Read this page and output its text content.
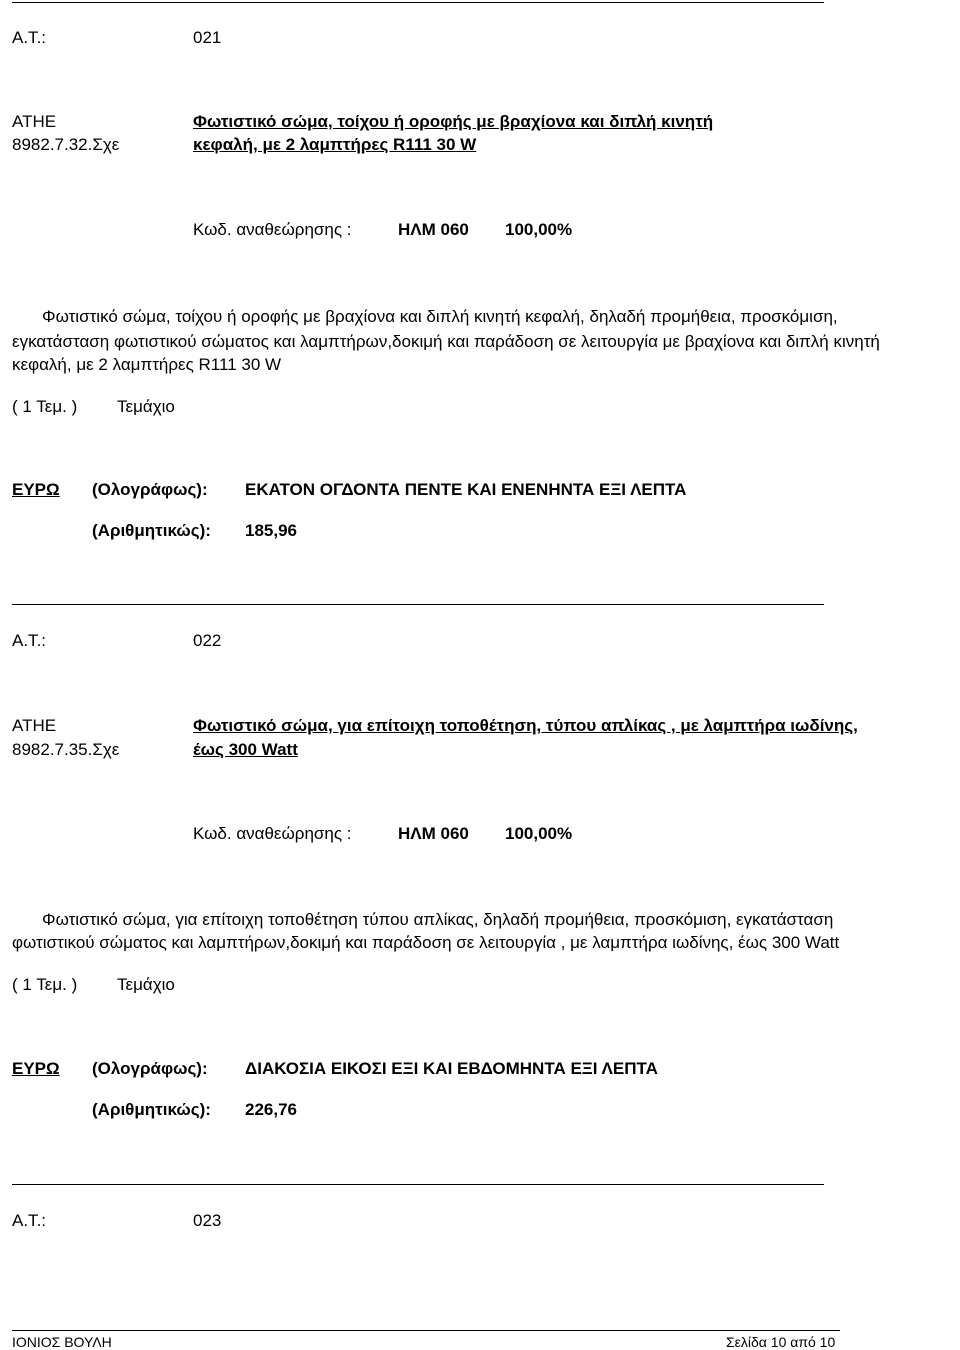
Α.Τ.:	021
ΑΤΗΕ
8982.7.32.Σχε
Φωτιστικό σώμα, τοίχου ή οροφής με βραχίονα και διπλή κινητή
κεφαλή, με 2 λαμπτήρες R111 30 W
Κωδ. αναθεώρησης :	ΗΛΜ 060 100,00%
Φωτιστικό σώμα, τοίχου ή οροφής με βραχίονα και διπλή κινητή κεφαλή, δηλαδή προμήθεια, προσκόμιση,
εγκατάσταση φωτιστικού σώματος και λαμπτήρων,δοκιμή και παράδοση σε λειτουργία με βραχίονα και διπλή κινητή
κεφαλή, με 2 λαμπτήρες R111 30 W
( 1 Τεμ. ) Τεμάχιο
ΕΥΡΩ (Ολογράφως): ΕΚΑΤΟΝ ΟΓΔΟΝΤΑ ΠΕΝΤΕ ΚΑΙ ΕΝΕΝΗΝΤΑ ΕΞΙ ΛΕΠΤΑ
(Αριθμητικώς): 185,96
Α.Τ.:	022
ΑΤΗΕ
8982.7.35.Σχε
Φωτιστικό σώμα, για επίτοιχη τοποθέτηση, τύπου απλίκας , με λαμπτήρα ιωδίνης,
έως 300 Watt
Κωδ. αναθεώρησης :	ΗΛΜ 060 100,00%
Φωτιστικό σώμα, για επίτοιχη τοποθέτηση τύπου απλίκας, δηλαδή προμήθεια, προσκόμιση, εγκατάσταση
φωτιστικού σώματος και λαμπτήρων,δοκιμή και παράδοση σε λειτουργία , με λαμπτήρα ιωδίνης, έως 300 Watt
( 1 Τεμ. ) Τεμάχιο
ΕΥΡΩ (Ολογράφως): ΔΙΑΚΟΣΙΑ ΕΙΚΟΣΙ ΕΞΙ ΚΑΙ ΕΒΔΟΜΗΝΤΑ ΕΞΙ ΛΕΠΤΑ
(Αριθμητικώς): 226,76
Α.Τ.:	023
ΙΟΝΙΟΣ ΒΟΥΛΗ	Σελίδα 10 από 10
